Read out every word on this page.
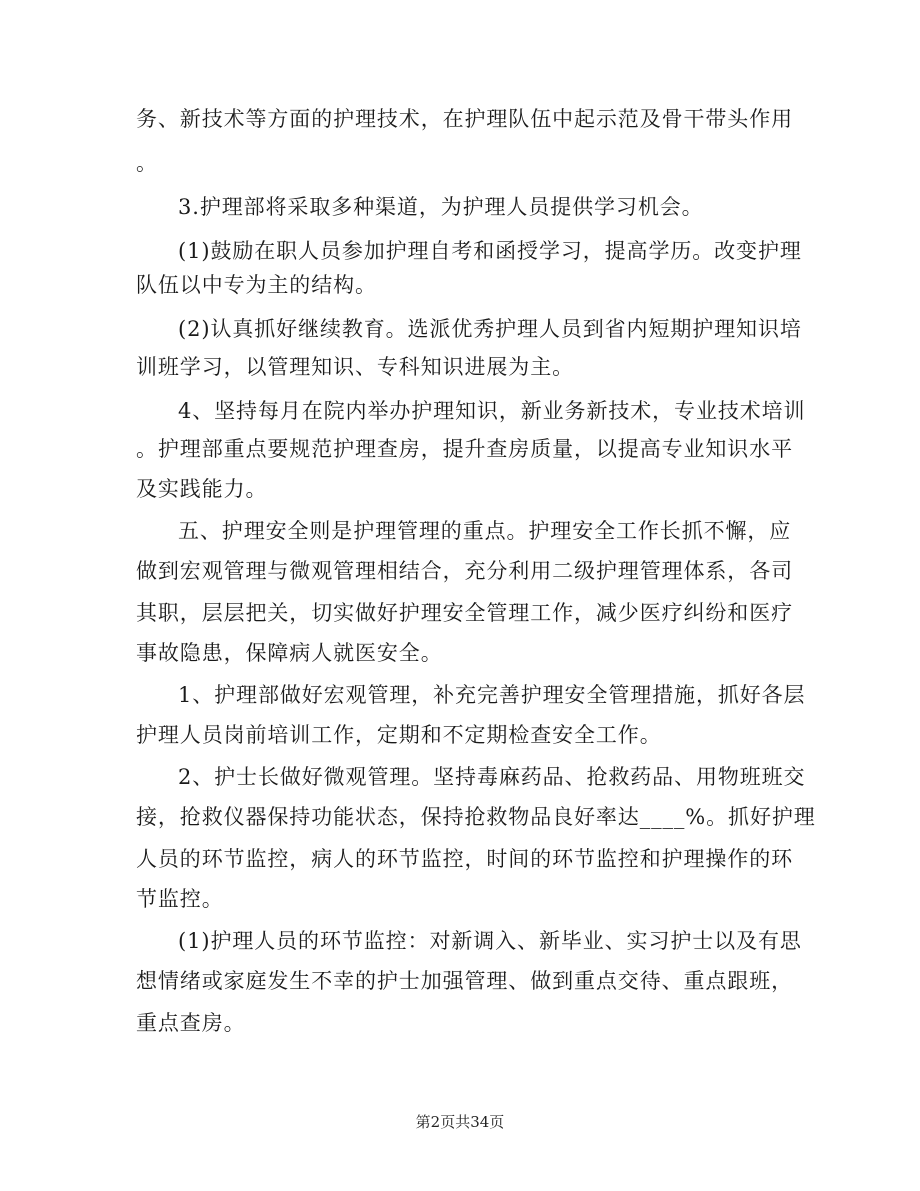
务、新技术等方面的护理技术，在护理队伍中起示范及骨干带头作用
。
3.护理部将采取多种渠道，为护理人员提供学习机会。
(1)鼓励在职人员参加护理自考和函授学习，提高学历。改变护理
队伍以中专为主的结构。
(2)认真抓好继续教育。选派优秀护理人员到省内短期护理知识培
训班学习，以管理知识、专科知识进展为主。
4、坚持每月在院内举办护理知识，新业务新技术，专业技术培训
。护理部重点要规范护理查房，提升查房质量，以提高专业知识水平
及实践能力。
五、护理安全则是护理管理的重点。护理安全工作长抓不懈，应
做到宏观管理与微观管理相结合，充分利用二级护理管理体系，各司
其职，层层把关，切实做好护理安全管理工作，减少医疗纠纷和医疗
事故隐患，保障病人就医安全。
1、护理部做好宏观管理，补充完善护理安全管理措施，抓好各层
护理人员岗前培训工作，定期和不定期检查安全工作。
2、护士长做好微观管理。坚持毒麻药品、抢救药品、用物班班交
接，抢救仪器保持功能状态，保持抢救物品良好率达____%。抓好护理
人员的环节监控，病人的环节监控，时间的环节监控和护理操作的环
节监控。
(1)护理人员的环节监控：对新调入、新毕业、实习护士以及有思
想情绪或家庭发生不幸的护士加强管理、做到重点交待、重点跟班，
重点查房。
第2页共34页
